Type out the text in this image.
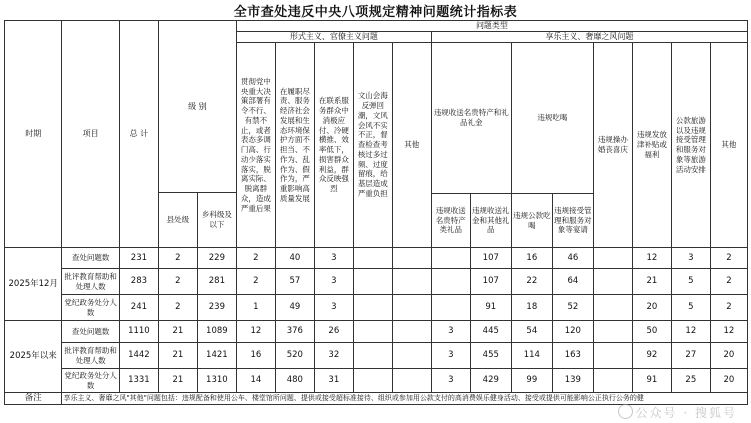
全市查处违反中央八项规定精神问题统计指标表
时期	项目	总 计	级 别		问题类型												
					形式主义、官僚主义问题					享乐主义、奢靡之风问题							
					贯彻党中央重大决策部署有令不行、有禁不止，或者表态多调门高、行动少落实落实，脱离实际、脱离群众，造成严重后果	在履职尽责、服务经济社会发展和生态环境保护方面不担当、不作为、乱作为、假作为，严重影响高质量发展	在联系服务群众中消极应付、冷硬横推、效率低下，损害群众利益，群众反映强烈	文山会海反弹回潮，文风会风不实不正，督查检查考核过多过频、过度留痕，给基层造成严重负担	其他	违规收送名贵特产和礼品礼金		违规吃喝		违规操办婚丧喜庆	违规发放津补贴或福利	公款旅游以及违规接受管理和服务对象等旅游活动安排	其他
			县处级	乡科级及以下													
										违规收送名贵特产类礼品	违规收送礼金和其他礼品	违规公款吃喝	违规接受管理和服务对象等宴请				
2025年12月	查处问题数	231	2	229	2	40	3				107	16	46		12	3	2
	批评教育帮助和处理人数	283	2	281	2	57	3				107	22	64		21	5	2
	党纪政务处分人数	241	2	239	1	49	3				91	18	52		20	5	2
2025年以来	查处问题数	1110	21	1089	12	376	26			3	445	54	120		50	12	12
	批评教育帮助和处理人数	1442	21	1421	16	520	32			3	455	114	163		92	27	20
	党纪政务处分人数	1331	21	1310	14	480	31			3	429	99	139		91	25	20
备注	享乐主义、奢靡之风"其他"问题包括：违规配备和使用公车、楼堂馆所问题、提供或接受超标准接待、组织或参加用公款支付的高消费娱乐健身活动、接受或提供可能影响公正执行公务的健																
公众号 · 搜狐号
